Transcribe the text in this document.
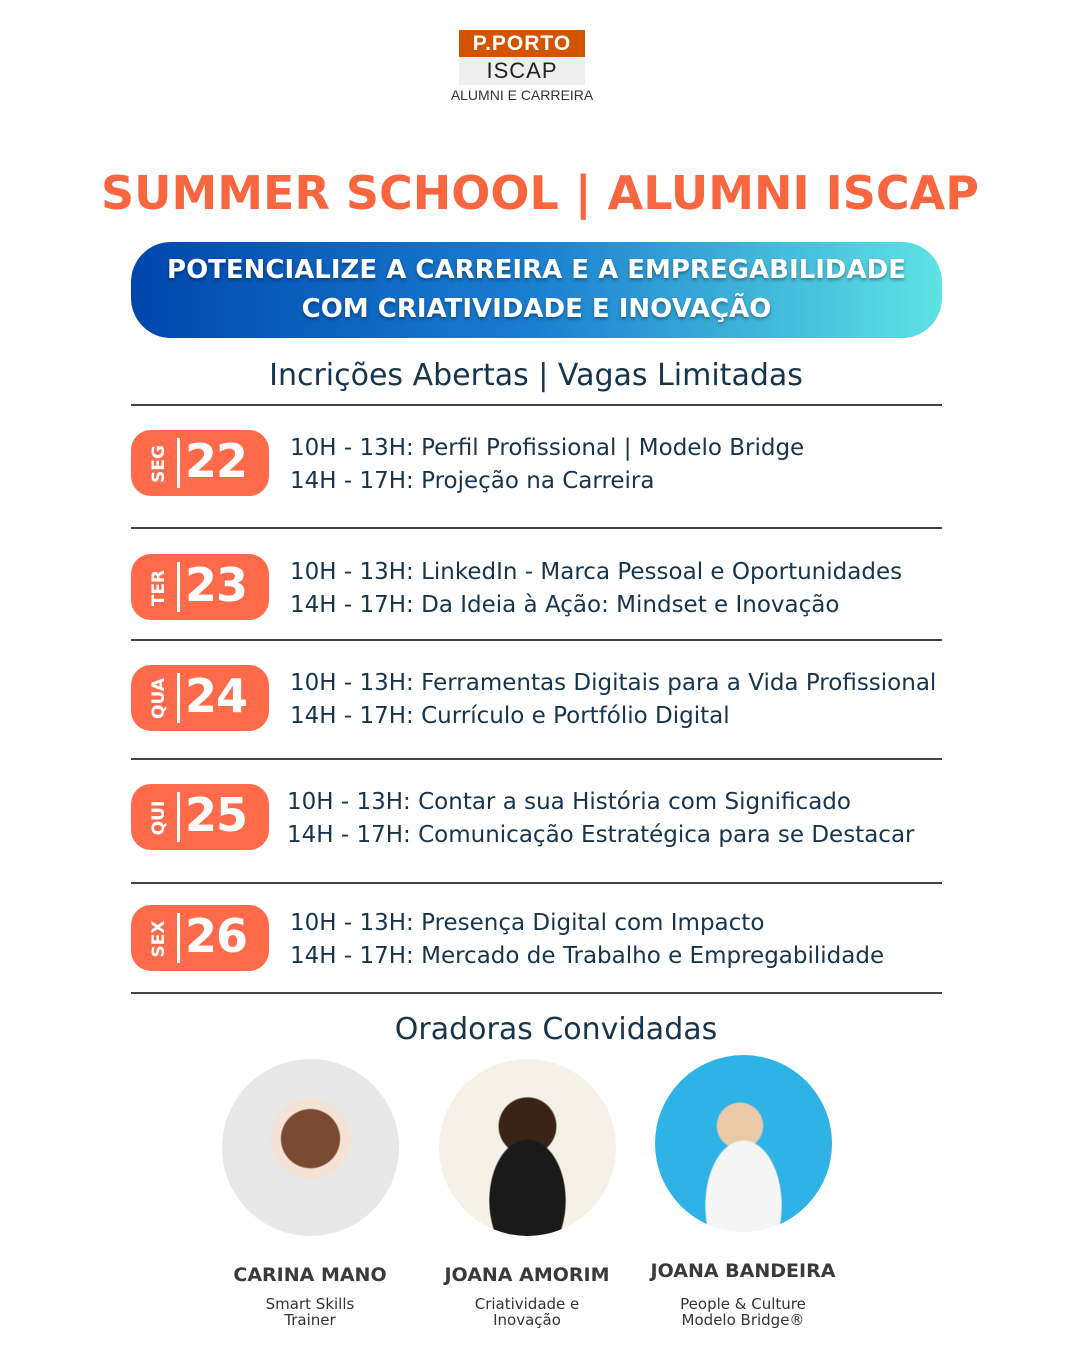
P.PORTO
ISCAP
ALUMNI E CARREIRA
SUMMER SCHOOL | ALUMNI ISCAP
POTENCIALIZE A CARREIRA E A EMPREGABILIDADE
COM CRIATIVIDADE E INOVAÇÃO
Incrições Abertas | Vagas Limitadas
SEG 22 10H - 13H: Perfil Profissional | Modelo Bridge
14H - 17H: Projeção na Carreira
TER 23 10H - 13H: LinkedIn - Marca Pessoal e Oportunidades
14H - 17H: Da Ideia à Ação: Mindset e Inovação
QUA 24 10H - 13H: Ferramentas Digitais para a Vida Profissional
14H - 17H: Currículo e Portfólio Digital
QUI 25 10H - 13H: Contar a sua História com Significado
14H - 17H: Comunicação Estratégica para se Destacar
SEX 26 10H - 13H: Presença Digital com Impacto
14H - 17H: Mercado de Trabalho e Empregabilidade
Oradoras Convidadas
CARINA MANO
Smart Skills
Trainer
JOANA AMORIM
Criatividade e
Inovação
JOANA BANDEIRA
People & Culture
Modelo Bridge®
